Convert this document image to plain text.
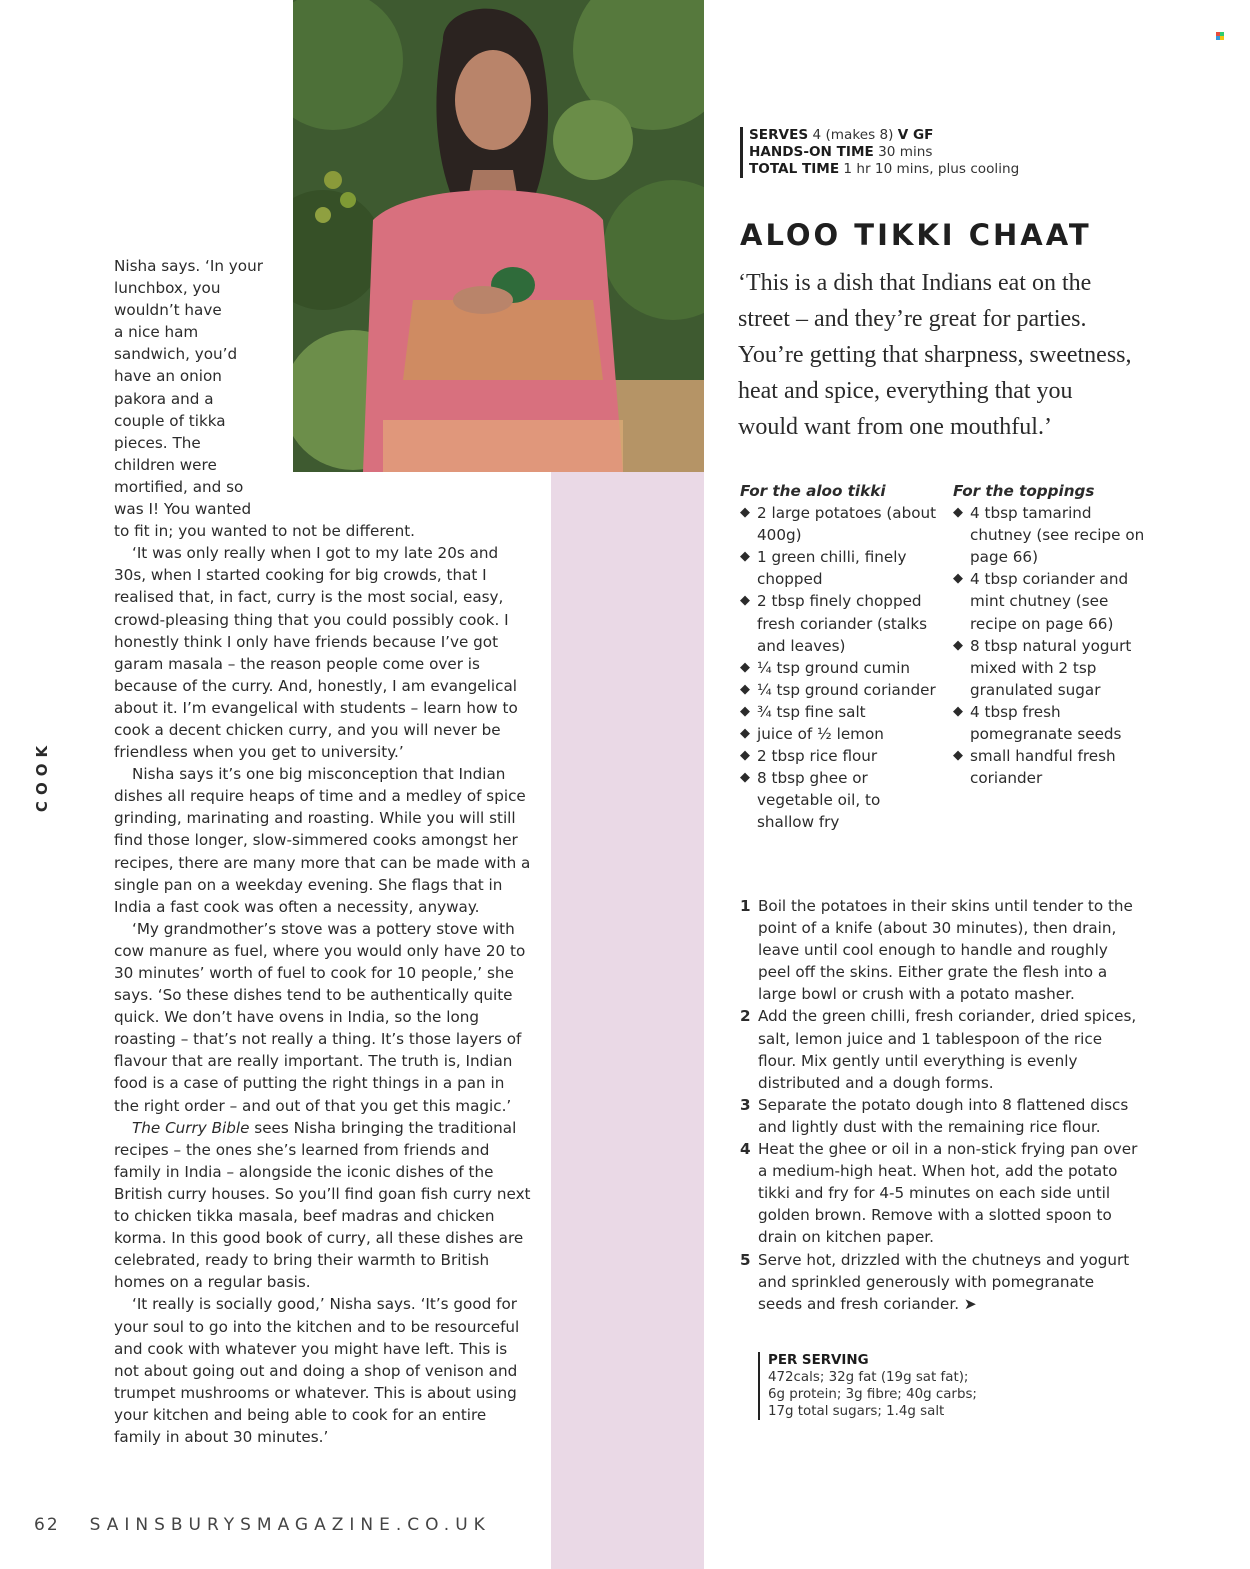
COOK
Nisha says. ‘In your
lunchbox, you
wouldn’t have
a nice ham
sandwich, you’d
have an onion
pakora and a
couple of tikka
pieces. The
children were
mortified, and so
was I! You wanted

to fit in; you wanted to not be different.

‘It was only really when I got to my late 20s and 30s, when I started cooking for big crowds, that I realised that, in fact, curry is the most social, easy, crowd-pleasing thing that you could possibly cook. I honestly think I only have friends because I’ve got garam masala – the reason people come over is because of the curry. And, honestly, I am evangelical about it. I’m evangelical with students – learn how to cook a decent chicken curry, and you will never be friendless when you get to university.’

Nisha says it’s one big misconception that Indian dishes all require heaps of time and a medley of spice grinding, marinating and roasting. While you will still find those longer, slow-simmered cooks amongst her recipes, there are many more that can be made with a single pan on a weekday evening. She flags that in India a fast cook was often a necessity, anyway.

‘My grandmother’s stove was a pottery stove with cow manure as fuel, where you would only have 20 to 30 minutes’ worth of fuel to cook for 10 people,’ she says. ‘So these dishes tend to be authentically quite quick. We don’t have ovens in India, so the long roasting – that’s not really a thing. It’s those layers of flavour that are really important. The truth is, Indian food is a case of putting the right things in a pan in the right order – and out of that you get this magic.’

The Curry Bible sees Nisha bringing the traditional recipes – the ones she’s learned from friends and family in India – alongside the iconic dishes of the British curry houses. So you’ll find goan fish curry next to chicken tikka masala, beef madras and chicken korma. In this good book of curry, all these dishes are celebrated, ready to bring their warmth to British homes on a regular basis.

‘It really is socially good,’ Nisha says. ‘It’s good for your soul to go into the kitchen and to be resourceful and cook with whatever you might have left. This is not about going out and doing a shop of venison and trumpet mushrooms or whatever. This is about using your kitchen and being able to cook for an entire family in about 30 minutes.’

SERVES 4 (makes 8) V GF
HANDS-ON TIME 30 mins
TOTAL TIME 1 hr 10 mins, plus cooling
ALOO TIKKI CHAAT
‘This is a dish that Indians eat on the street – and they’re great for parties. You’re getting that sharpness, sweetness, heat and spice, everything that you would want from one mouthful.’
For the aloo tikki
◆ 2 large potatoes (about 400g)
◆ 1 green chilli, finely chopped
◆ 2 tbsp finely chopped fresh coriander (stalks and leaves)
◆ ¼ tsp ground cumin
◆ ¼ tsp ground coriander
◆ ¾ tsp fine salt
◆ juice of ½ lemon
◆ 2 tbsp rice flour
◆ 8 tbsp ghee or vegetable oil, to shallow fry
For the toppings
◆ 4 tbsp tamarind chutney (see recipe on page 66)
◆ 4 tbsp coriander and mint chutney (see recipe on page 66)
◆ 8 tbsp natural yogurt mixed with 2 tsp granulated sugar
◆ 4 tbsp fresh pomegranate seeds
◆ small handful fresh coriander
1 Boil the potatoes in their skins until tender to the point of a knife (about 30 minutes), then drain, leave until cool enough to handle and roughly peel off the skins. Either grate the flesh into a large bowl or crush with a potato masher.
2 Add the green chilli, fresh coriander, dried spices, salt, lemon juice and 1 tablespoon of the rice flour. Mix gently until everything is evenly distributed and a dough forms.
3 Separate the potato dough into 8 flattened discs and lightly dust with the remaining rice flour.
4 Heat the ghee or oil in a non-stick frying pan over a medium-high heat. When hot, add the potato tikki and fry for 4-5 minutes on each side until golden brown. Remove with a slotted spoon to drain on kitchen paper.
5 Serve hot, drizzled with the chutneys and yogurt and sprinkled generously with pomegranate seeds and fresh coriander. ➤
PER SERVING
472cals; 32g fat (19g sat fat);
6g protein; 3g fibre; 40g carbs;
17g total sugars; 1.4g salt
62 SAINSBURYSMAGAZINE.CO.UK
